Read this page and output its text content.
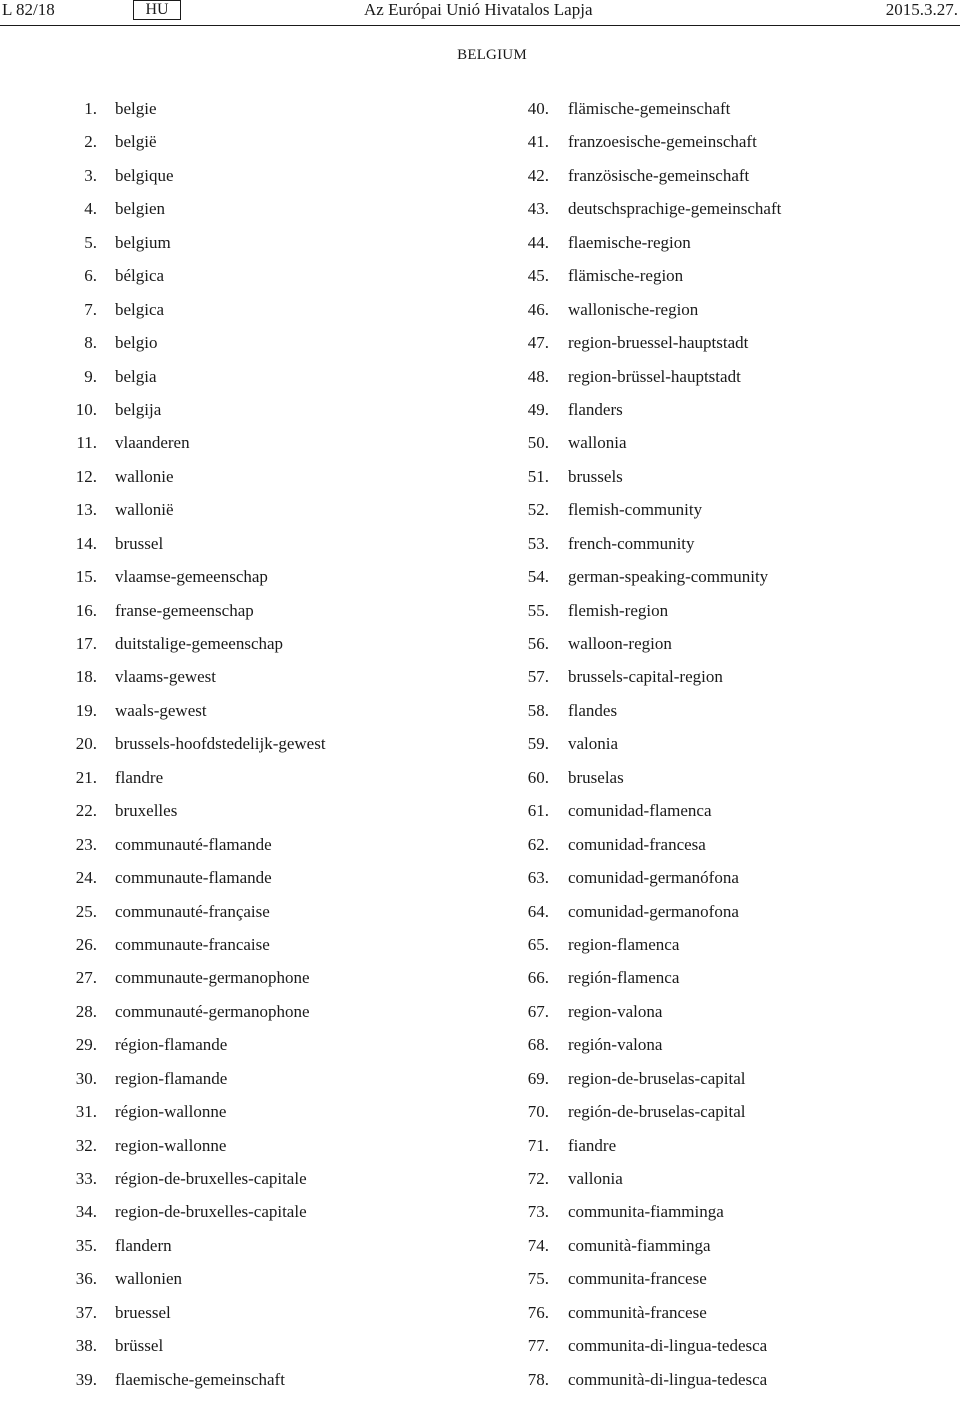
L 82/18	HU	Az Európai Unió Hivatalos Lapja	2015.3.27.
BELGIUM
1. belgie
2. belgië
3. belgique
4. belgien
5. belgium
6. bélgica
7. belgica
8. belgio
9. belgia
10. belgija
11. vlaanderen
12. wallonie
13. wallonië
14. brussel
15. vlaamse-gemeenschap
16. franse-gemeenschap
17. duitstalige-gemeenschap
18. vlaams-gewest
19. waals-gewest
20. brussels-hoofdstedelijk-gewest
21. flandre
22. bruxelles
23. communauté-flamande
24. communaute-flamande
25. communauté-française
26. communaute-francaise
27. communaute-germanophone
28. communauté-germanophone
29. région-flamande
30. region-flamande
31. région-wallonne
32. region-wallonne
33. région-de-bruxelles-capitale
34. region-de-bruxelles-capitale
35. flandern
36. wallonien
37. bruessel
38. brüssel
39. flaemische-gemeinschaft
40. flämische-gemeinschaft
41. franzoesische-gemeinschaft
42. französische-gemeinschaft
43. deutschsprachige-gemeinschaft
44. flaemische-region
45. flämische-region
46. wallonische-region
47. region-bruessel-hauptstadt
48. region-brüssel-hauptstadt
49. flanders
50. wallonia
51. brussels
52. flemish-community
53. french-community
54. german-speaking-community
55. flemish-region
56. walloon-region
57. brussels-capital-region
58. flandes
59. valonia
60. bruselas
61. comunidad-flamenca
62. comunidad-francesa
63. comunidad-germanófona
64. comunidad-germanofona
65. region-flamenca
66. región-flamenca
67. region-valona
68. región-valona
69. region-de-bruselas-capital
70. región-de-bruselas-capital
71. fiandre
72. vallonia
73. communita-fiamminga
74. comunità-fiamminga
75. communita-francese
76. communità-francese
77. communita-di-lingua-tedesca
78. communità-di-lingua-tedesca
